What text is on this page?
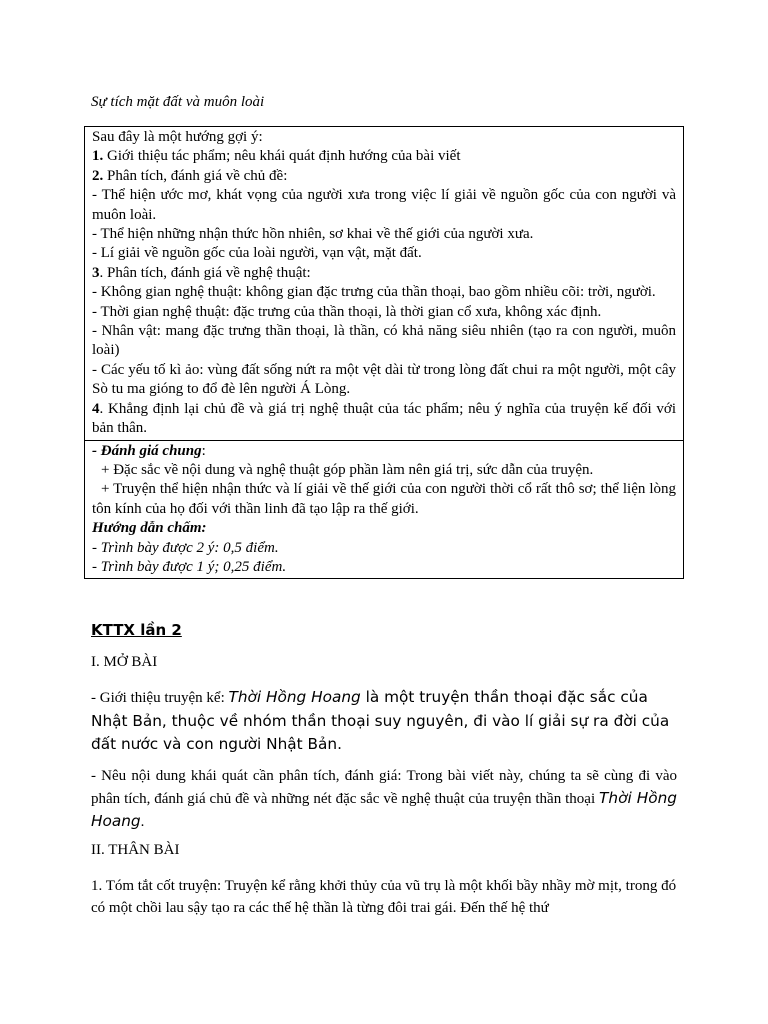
Sự tích mặt đất và muôn loài
Sau đây là một hướng gợi ý:
1. Giới thiệu tác phẩm; nêu khái quát định hướng của bài viết
2. Phân tích, đánh giá về chủ đề:
- Thể hiện ước mơ, khát vọng của người xưa trong việc lí giải về nguồn gốc của con người và muôn loài.
- Thể hiện những nhận thức hồn nhiên, sơ khai về thế giới của người xưa.
- Lí giải về nguồn gốc của loài người, vạn vật, mặt đất.
3. Phân tích, đánh giá về nghệ thuật:
- Không gian nghệ thuật: không gian đặc trưng của thần thoại, bao gồm nhiều cõi: trời, người.
- Thời gian nghệ thuật: đặc trưng của thần thoại, là thời gian cổ xưa, không xác định.
- Nhân vật: mang đặc trưng thần thoại, là thần, có khả năng siêu nhiên (tạo ra con người, muôn loài)
- Các yếu tố kì ảo: vùng đất sống nứt ra một vệt dài từ trong lòng đất chui ra một người, một cây Sò tu ma gióng to đổ đè lên người Á Lòng.
4. Khẳng định lại chủ đề và giá trị nghệ thuật của tác phẩm; nêu ý nghĩa của truyện kế đối với bản thân.
- Đánh giá chung:
+ Đặc sắc về nội dung và nghệ thuật góp phần làm nên giá trị, sức dẫn của truyện.
+ Truyện thể hiện nhận thức và lí giải về thế giới của con người thời cổ rất thô sơ; thể liện lòng tôn kính của họ đối với thần linh đã tạo lập ra thế giới.
Hướng dẫn chấm:
- Trình bày được 2 ý: 0,5 điểm.
- Trình bày được 1 ý; 0,25 điểm.
KTTX lần 2
I. MỞ BÀI
- Giới thiệu truyện kể: Thời Hồng Hoang là một truyện thần thoại đặc sắc của Nhật Bản, thuộc về nhóm thần thoại suy nguyên, đi vào lí giải sự ra đời của đất nước và con người Nhật Bản.
- Nêu nội dung khái quát cần phân tích, đánh giá: Trong bài viết này, chúng ta sẽ cùng đi vào phân tích, đánh giá chủ đề và những nét đặc sắc về nghệ thuật của truyện thần thoại Thời Hồng Hoang.
II. THÂN BÀI
1. Tóm tắt cốt truyện: Truyện kể rằng khởi thủy của vũ trụ là một khối bầy nhầy mờ mịt, trong đó có một chồi lau sậy tạo ra các thế hệ thần là từng đôi trai gái. Đến thế hệ thứ
